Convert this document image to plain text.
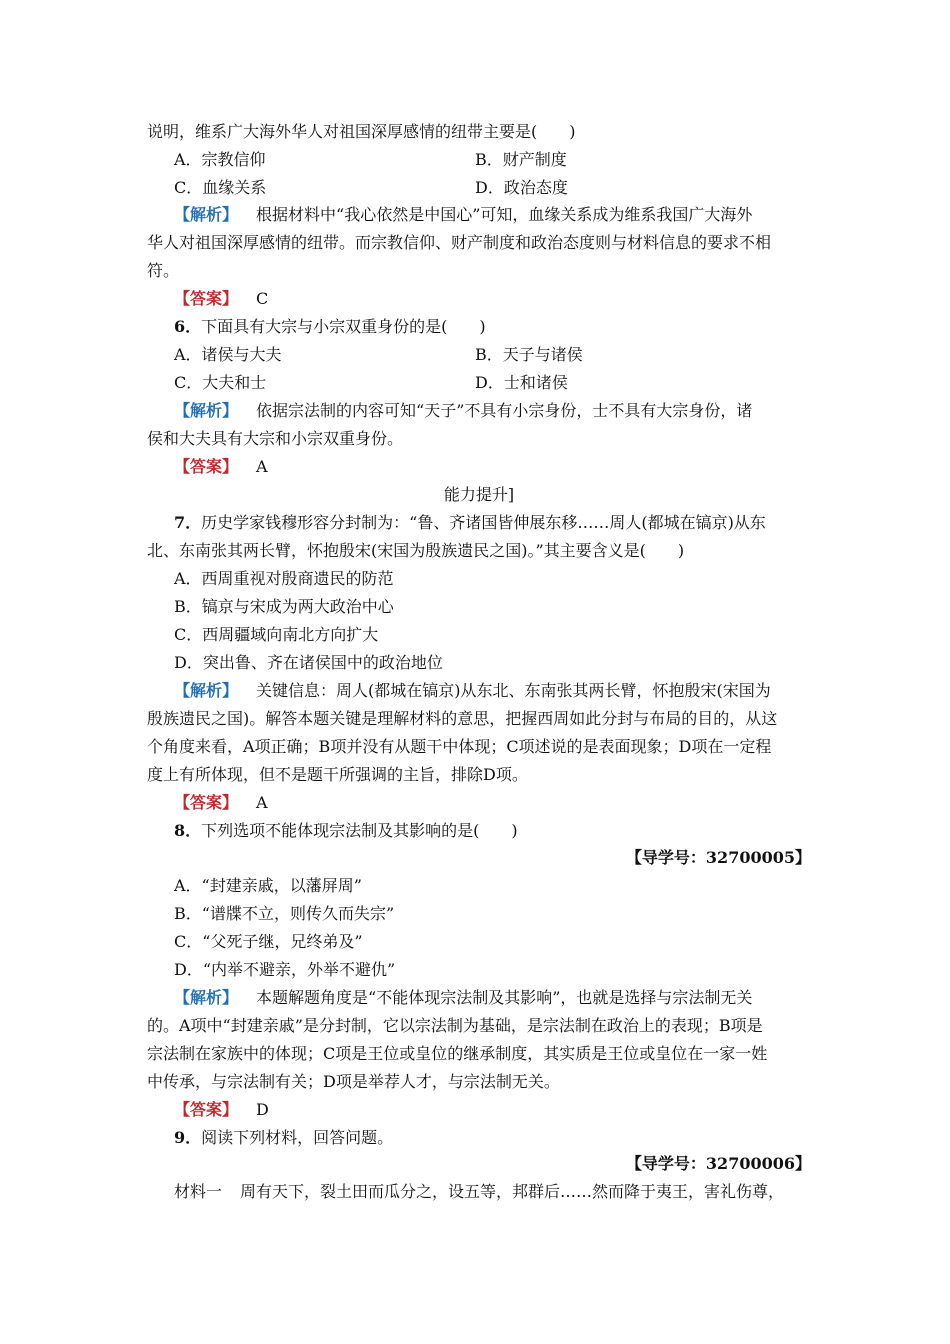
说明，维系广大海外华人对祖国深厚感情的纽带主要是(　　)
A．宗教信仰	B．财产制度
C．血缘关系	D．政治态度
【解析】 根据材料中“我心依然是中国心”可知，血缘关系成为维系我国广大海外
华人对祖国深厚感情的纽带。而宗教信仰、财产制度和政治态度则与材料信息的要求不相
符。
【答案】 C
6．下面具有大宗与小宗双重身份的是(　　)
A．诸侯与大夫	B．天子与诸侯
C．大夫和士	D．士和诸侯
【解析】 依据宗法制的内容可知“天子”不具有小宗身份，士不具有大宗身份，诸
侯和大夫具有大宗和小宗双重身份。
【答案】 A
能力提升]
7．历史学家钱穆形容分封制为：“鲁、齐诸国皆伸展东移……周人(都城在镐京)从东
北、东南张其两长臂，怀抱殷宋(宋国为殷族遗民之国)。”其主要含义是(　　)
A．西周重视对殷商遗民的防范
B．镐京与宋成为两大政治中心
C．西周疆域向南北方向扩大
D．突出鲁、齐在诸侯国中的政治地位
【解析】 关键信息：周人(都城在镐京)从东北、东南张其两长臂，怀抱殷宋(宋国为
殷族遗民之国)。解答本题关键是理解材料的意思，把握西周如此分封与布局的目的，从这
个角度来看，A项正确；B项并没有从题干中体现；C项述说的是表面现象；D项在一定程
度上有所体现，但不是题干所强调的主旨，排除D项。
【答案】 A
8．下列选项不能体现宗法制及其影响的是(　　)
【导学号：32700005】
A．“封建亲戚，以藩屏周”
B．“谱牒不立，则传久而失宗”
C．“父死子继，兄终弟及”
D．“内举不避亲，外举不避仇”
【解析】 本题解题角度是“不能体现宗法制及其影响”，也就是选择与宗法制无关
的。A项中“封建亲戚”是分封制，它以宗法制为基础，是宗法制在政治上的表现；B项是
宗法制在家族中的体现；C项是王位或皇位的继承制度，其实质是王位或皇位在一家一姓
中传承，与宗法制有关；D项是举荐人才，与宗法制无关。
【答案】 D
9．阅读下列材料，回答问题。
【导学号：32700006】
材料一 周有天下，裂土田而瓜分之，设五等，邦群后……然而降于夷王，害礼伤尊，
